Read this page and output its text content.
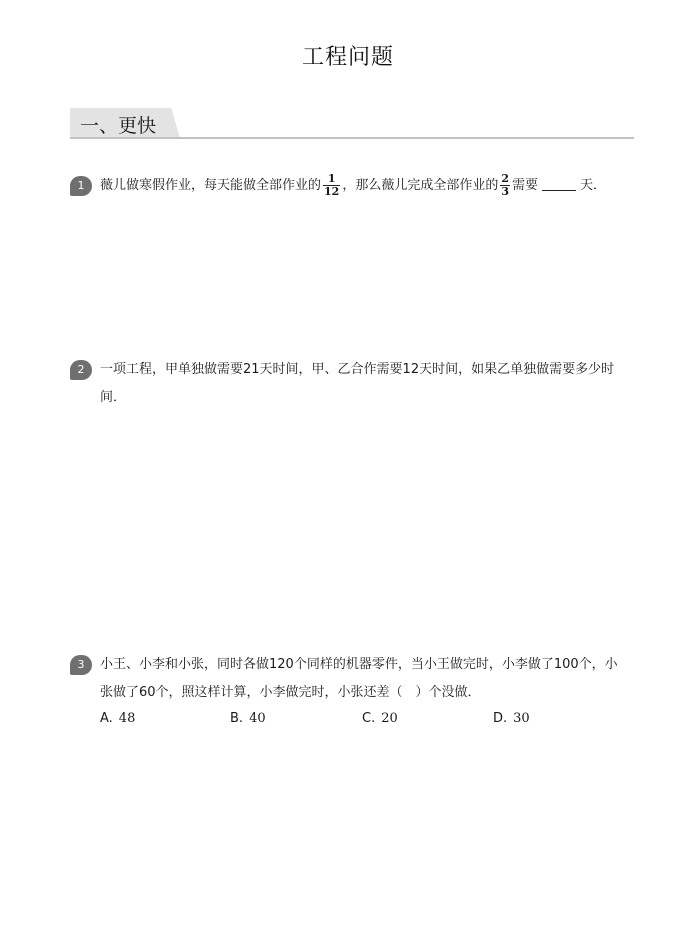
工程问题
一、更快
1	薇儿做寒假作业，每天能做全部作业的 $\frac{1}{12}$ ，那么薇儿完成全部作业的 $\frac{2}{3}$ 需要	天．
2	一项工程，甲单独做需要21天时间，甲、乙合作需要12天时间，如果乙单独做需要多少时
间．
3	小王、小李和小张，同时各做120个同样的机器零件，当小王做完时，小李做了100个，小
张做了60个，照这样计算，小李做完时，小张还差（　）个没做．
A. 48	B. 40	C. 20	D. 30
